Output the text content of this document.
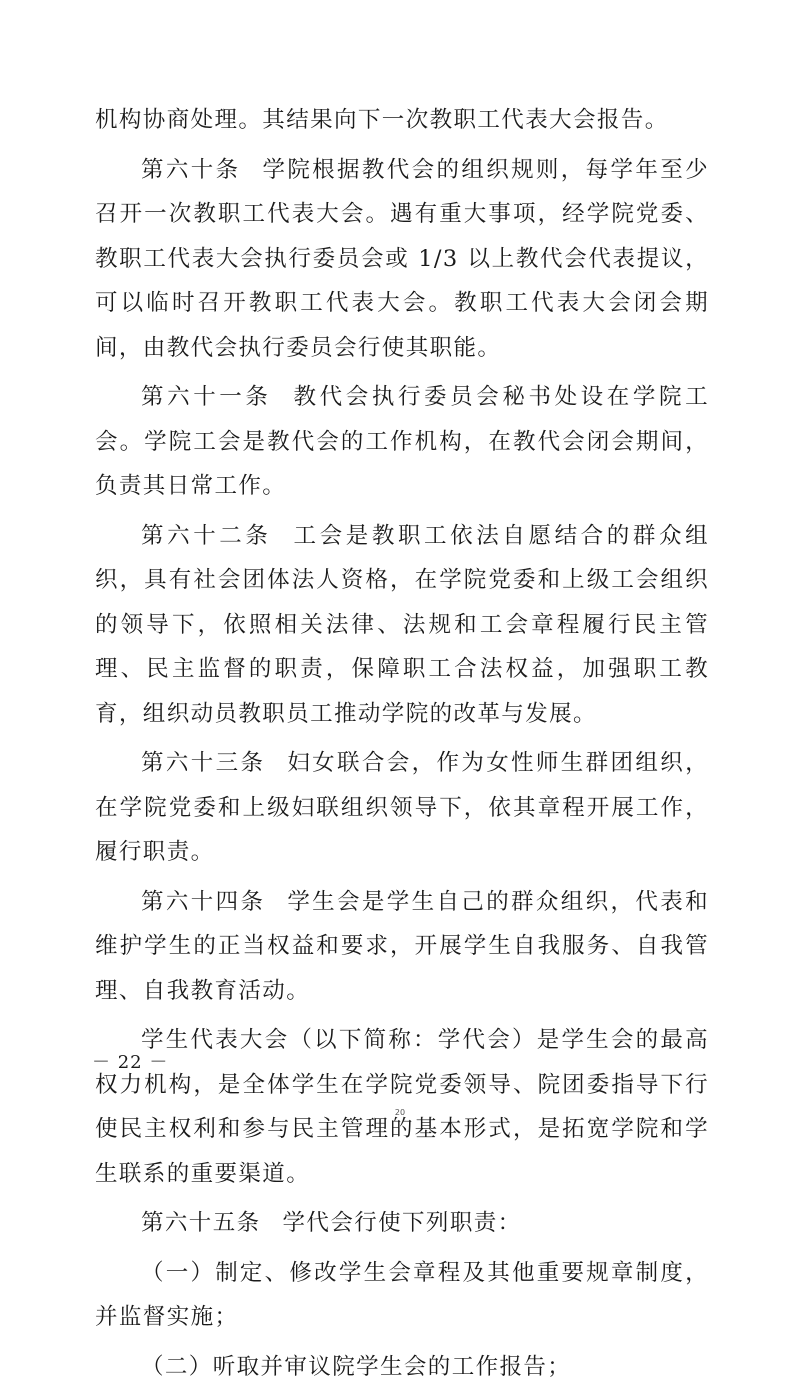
机构协商处理。其结果向下一次教职工代表大会报告。

第六十条 学院根据教代会的组织规则，每学年至少召开一次教职工代表大会。遇有重大事项，经学院党委、教职工代表大会执行委员会或 1/3 以上教代会代表提议，可以临时召开教职工代表大会。教职工代表大会闭会期间，由教代会执行委员会行使其职能。

第六十一条 教代会执行委员会秘书处设在学院工会。学院工会是教代会的工作机构，在教代会闭会期间，负责其日常工作。

第六十二条 工会是教职工依法自愿结合的群众组织，具有社会团体法人资格，在学院党委和上级工会组织的领导下，依照相关法律、法规和工会章程履行民主管理、民主监督的职责，保障职工合法权益，加强职工教育，组织动员教职员工推动学院的改革与发展。

第六十三条 妇女联合会，作为女性师生群团组织，在学院党委和上级妇联组织领导下，依其章程开展工作，履行职责。

第六十四条 学生会是学生自己的群众组织，代表和维护学生的正当权益和要求，开展学生自我服务、自我管理、自我教育活动。

学生代表大会（以下简称：学代会）是学生会的最高权力机构，是全体学生在学院党委领导、院团委指导下行使民主权利和参与民主管理的基本形式，是拓宽学院和学生联系的重要渠道。

第六十五条 学代会行使下列职责：

（一）制定、修改学生会章程及其他重要规章制度，并监督实施；

（二）听取并审议院学生会的工作报告；

－ 22 －
20
